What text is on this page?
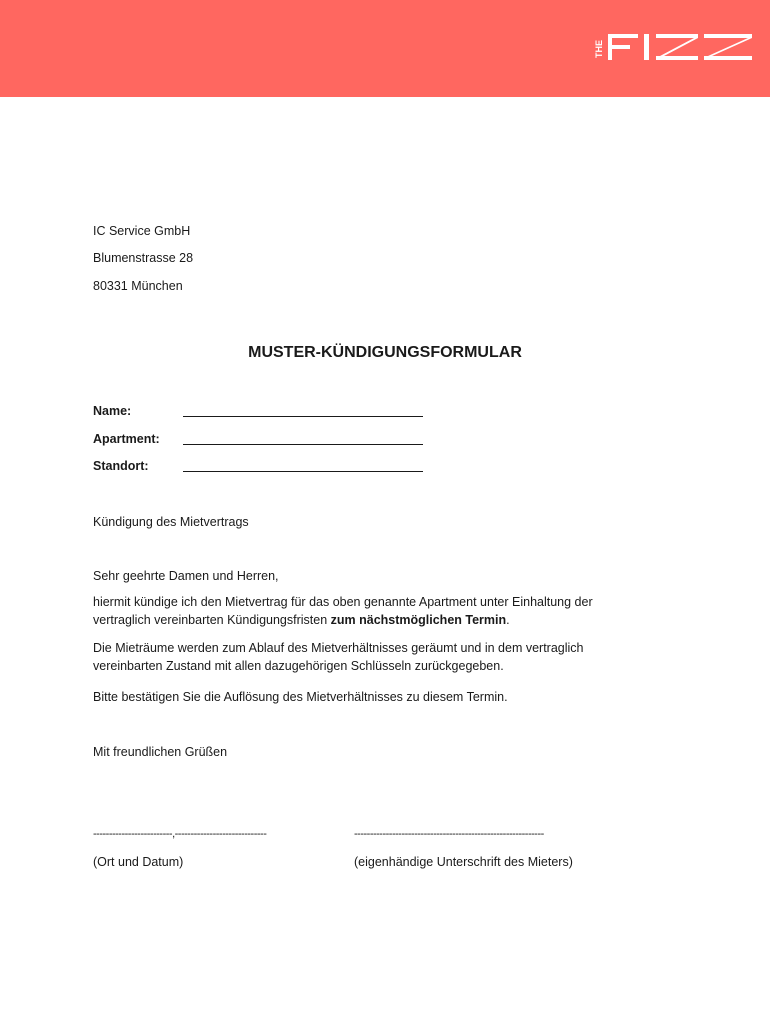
THE
IC Service GmbH
Blumenstrasse 28
80331 München
MUSTER-KÜNDIGUNGSFORMULAR
Name:
Apartment:
Standort:
Kündigung des Mietvertrags
Sehr geehrte Damen und Herren,
hiermit kündige ich den Mietvertrag für das oben genannte Apartment unter Einhaltung der
vertraglich vereinbarten Kündigungsfristen zum nächstmöglichen Termin.
Die Mieträume werden zum Ablauf des Mietverhältnisses geräumt und in dem vertraglich
vereinbarten Zustand mit allen dazugehörigen Schlüsseln zurückgegeben.
Bitte bestätigen Sie die Auflösung des Mietverhältnisses zu diesem Termin.
Mit freundlichen Grüßen
-------------------------,-----------------------------	------------------------------------------------------------
(Ort und Datum)	(eigenhändige Unterschrift des Mieters)
